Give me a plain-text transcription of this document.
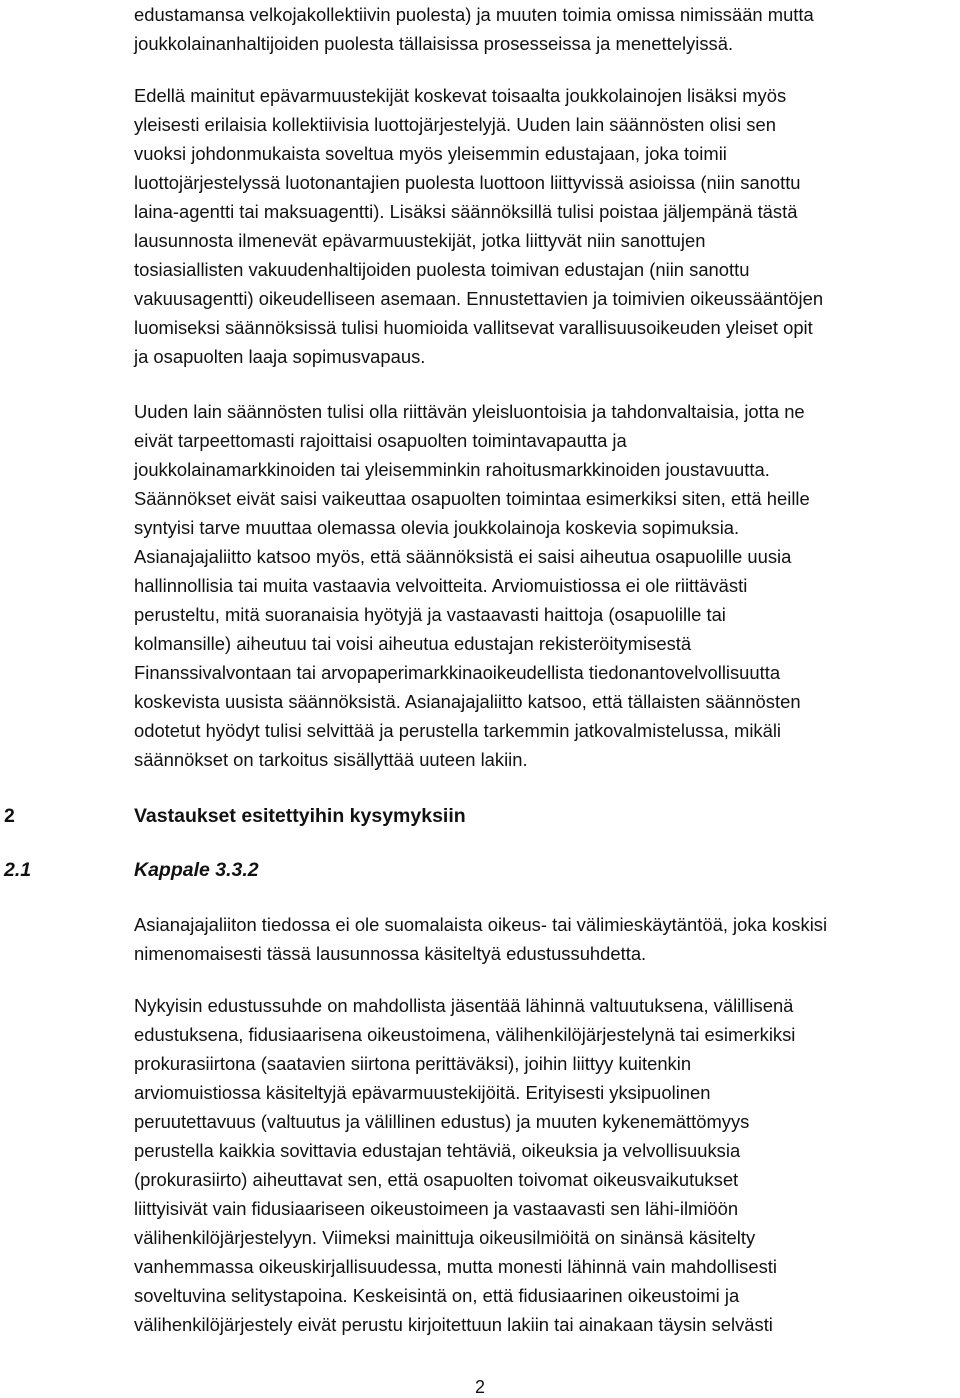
edustamansa velkojakollektiivin puolesta) ja muuten toimia omissa nimissään mutta
joukkolainanhaltijoiden puolesta tällaisissa prosesseissa ja menettelyissä.
Edellä mainitut epävarmuustekijät koskevat toisaalta joukkolainojen lisäksi myös
yleisesti erilaisia kollektiivisia luottojärjestelyjä. Uuden lain säännösten olisi sen
vuoksi johdonmukaista soveltua myös yleisemmin edustajaan, joka toimii
luottojärjestelyssä luotonantajien puolesta luottoon liittyvissä asioissa (niin sanottu
laina-agentti tai maksuagentti). Lisäksi säännöksillä tulisi poistaa jäljempänä tästä
lausunnosta ilmenevät epävarmuustekijät, jotka liittyvät niin sanottujen
tosiasiallisten vakuudenhaltijoiden puolesta toimivan edustajan (niin sanottu
vakuusagentti) oikeudelliseen asemaan. Ennustettavien ja toimivien oikeussääntöjen
luomiseksi säännöksissä tulisi huomioida vallitsevat varallisuusoikeuden yleiset opit
ja osapuolten laaja sopimusvapaus.
Uuden lain säännösten tulisi olla riittävän yleisluontoisia ja tahdonvaltaisia, jotta ne
eivät tarpeettomasti rajoittaisi osapuolten toimintavapautta ja
joukkolainamarkkinoiden tai yleisemminkin rahoitusmarkkinoiden joustavuutta.
Säännökset eivät saisi vaikeuttaa osapuolten toimintaa esimerkiksi siten, että heille
syntyisi tarve muuttaa olemassa olevia joukkolainoja koskevia sopimuksia.
Asianajajaliitto katsoo myös, että säännöksistä ei saisi aiheutua osapuolille uusia
hallinnollisia tai muita vastaavia velvoitteita. Arviomuistiossa ei ole riittävästi
perusteltu, mitä suoranaisia hyötyjä ja vastaavasti haittoja (osapuolille tai
kolmansille) aiheutuu tai voisi aiheutua edustajan rekisteröitymisestä
Finanssivalvontaan tai arvopaperimarkkinaoikeudellista tiedonantovelvollisuutta
koskevista uusista säännöksistä. Asianajajaliitto katsoo, että tällaisten säännösten
odotetut hyödyt tulisi selvittää ja perustella tarkemmin jatkovalmistelussa, mikäli
säännökset on tarkoitus sisällyttää uuteen lakiin.
2	Vastaukset esitettyihin kysymyksiin
2.1	Kappale 3.3.2
Asianajajaliiton tiedossa ei ole suomalaista oikeus- tai välimieskäytäntöä, joka koskisi
nimenomaisesti tässä lausunnossa käsiteltyä edustussuhdetta.
Nykyisin edustussuhde on mahdollista jäsentää lähinnä valtuutuksena, välillisenä
edustuksena, fidusiaarisena oikeustoimena, välihenkilöjärjestelynä tai esimerkiksi
prokurasiirtona (saatavien siirtona perittäväksi), joihin liittyy kuitenkin
arviomuistiossa käsiteltyjä epävarmuustekijöitä. Erityisesti yksipuolinen
peruutettavuus (valtuutus ja välillinen edustus) ja muuten kykenemättömyys
perustella kaikkia sovittavia edustajan tehtäviä, oikeuksia ja velvollisuuksia
(prokurasiirto) aiheuttavat sen, että osapuolten toivomat oikeusvaikutukset
liittyisivät vain fidusiaariseen oikeustoimeen ja vastaavasti sen lähi-ilmiöön
välihenkilöjärjestelyyn. Viimeksi mainittuja oikeusilmiöitä on sinänsä käsitelty
vanhemmassa oikeuskirjallisuudessa, mutta monesti lähinnä vain mahdollisesti
soveltuvina selitystapoina. Keskeisintä on, että fidusiaarinen oikeustoimi ja
välihenkilöjärjestely eivät perustu kirjoitettuun lakiin tai ainakaan täysin selvästi
2
